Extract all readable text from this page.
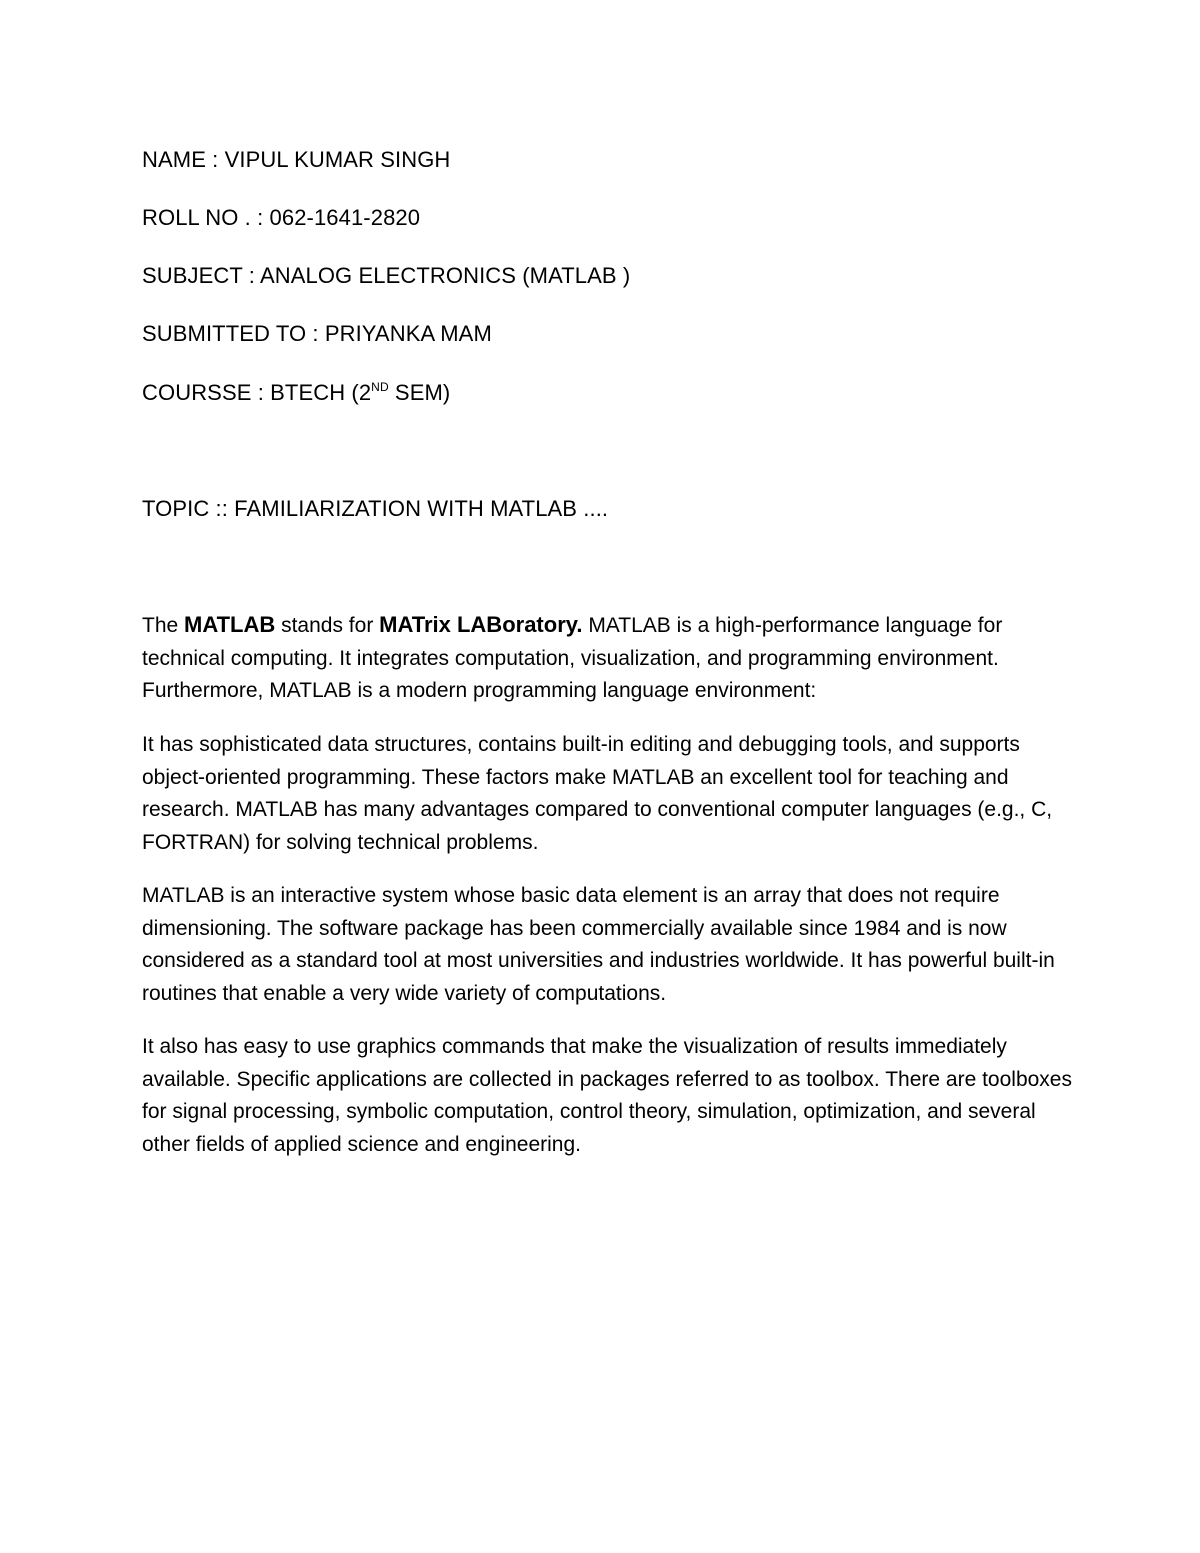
NAME : VIPUL KUMAR SINGH
ROLL NO . : 062-1641-2820
SUBJECT : ANALOG ELECTRONICS (MATLAB )
SUBMITTED TO : PRIYANKA MAM
COURSSE : BTECH (2ND SEM)
TOPIC :: FAMILIARIZATION WITH MATLAB ....

The MATLAB stands for MATrix LABoratory. MATLAB is a high-performance language for technical computing. It integrates computation, visualization, and programming environment. Furthermore, MATLAB is a modern programming language environment:

It has sophisticated data structures, contains built-in editing and debugging tools, and supports object-oriented programming. These factors make MATLAB an excellent tool for teaching and research. MATLAB has many advantages compared to conventional computer languages (e.g., C, FORTRAN) for solving technical problems.
MATLAB is an interactive system whose basic data element is an array that does not require dimensioning. The software package has been commercially available since 1984 and is now considered as a standard tool at most universities and industries worldwide. It has powerful built-in routines that enable a very wide variety of computations.
It also has easy to use graphics commands that make the visualization of results immediately available. Specific applications are collected in packages referred to as toolbox. There are toolboxes for signal processing, symbolic computation, control theory, simulation, optimization, and several other fields of applied science and engineering.
